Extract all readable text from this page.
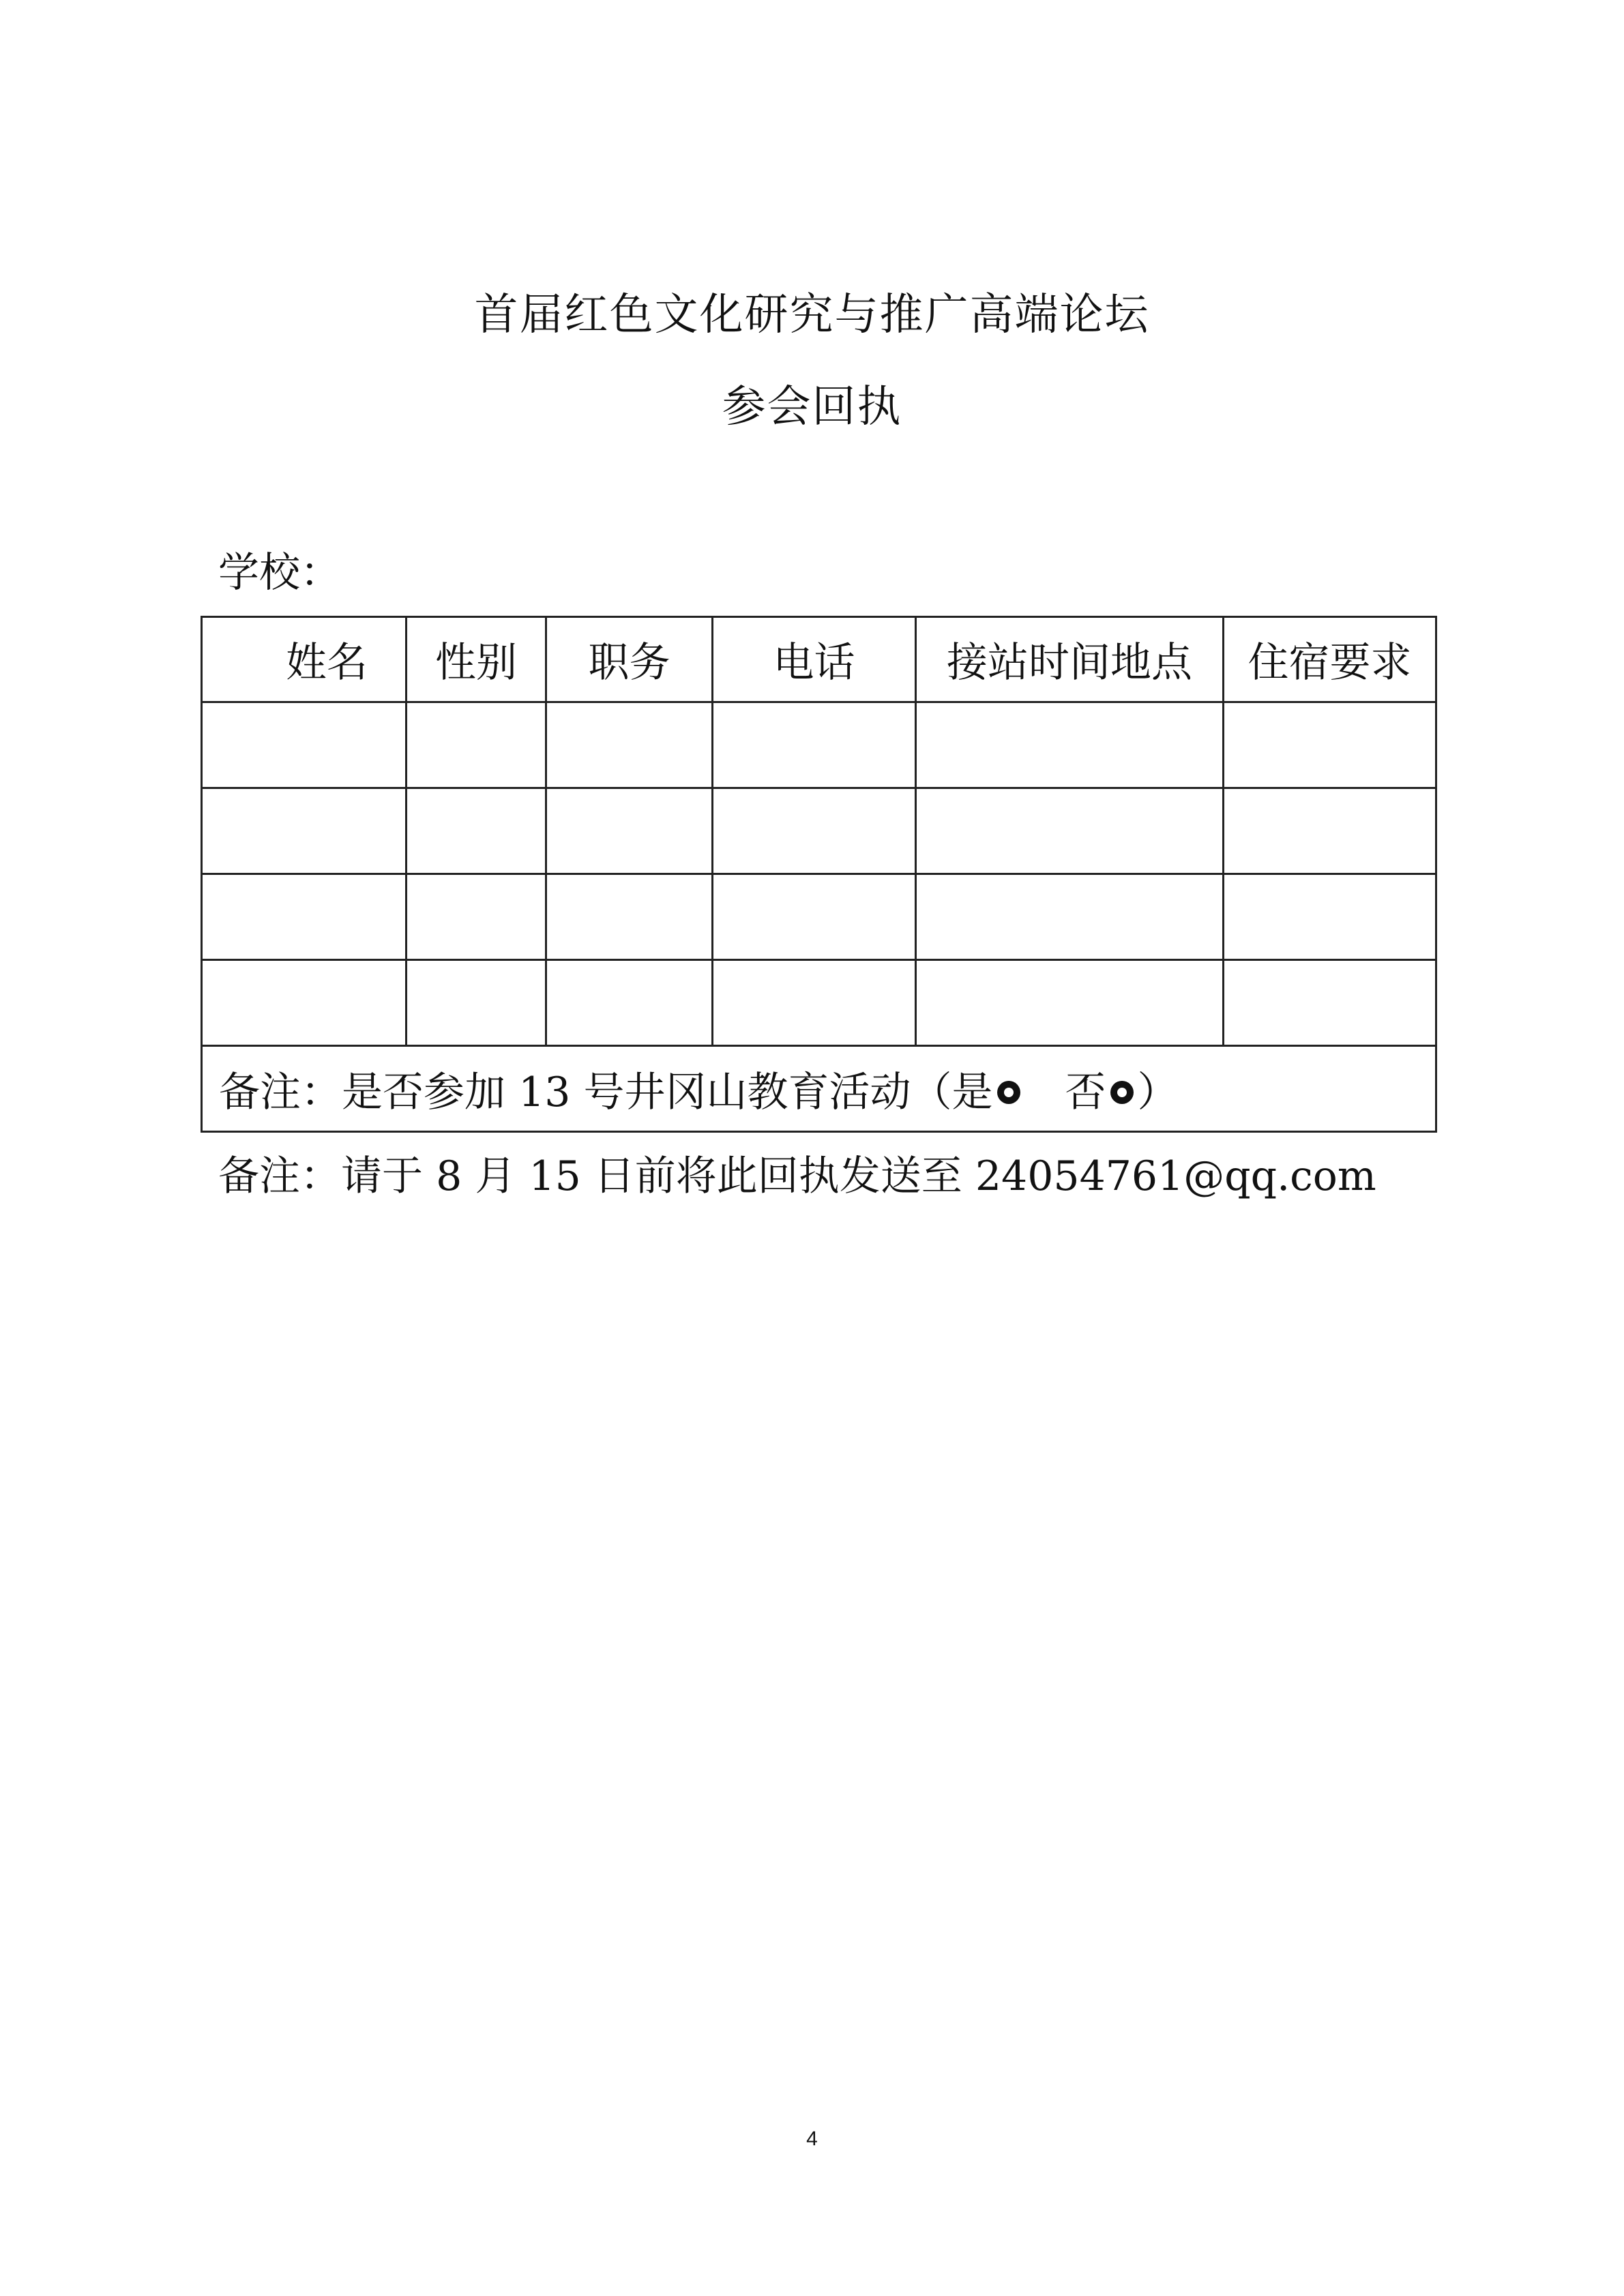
首届红色文化研究与推广高端论坛
参会回执
学校：
姓名	性别	职务	电话	接站时间地点	住宿要求

备注：是否参加 13 号井冈山教育活动（是 否 ）					
备注：请于 8 月 15 日前将此回执发送至 24054761@qq.com
4
